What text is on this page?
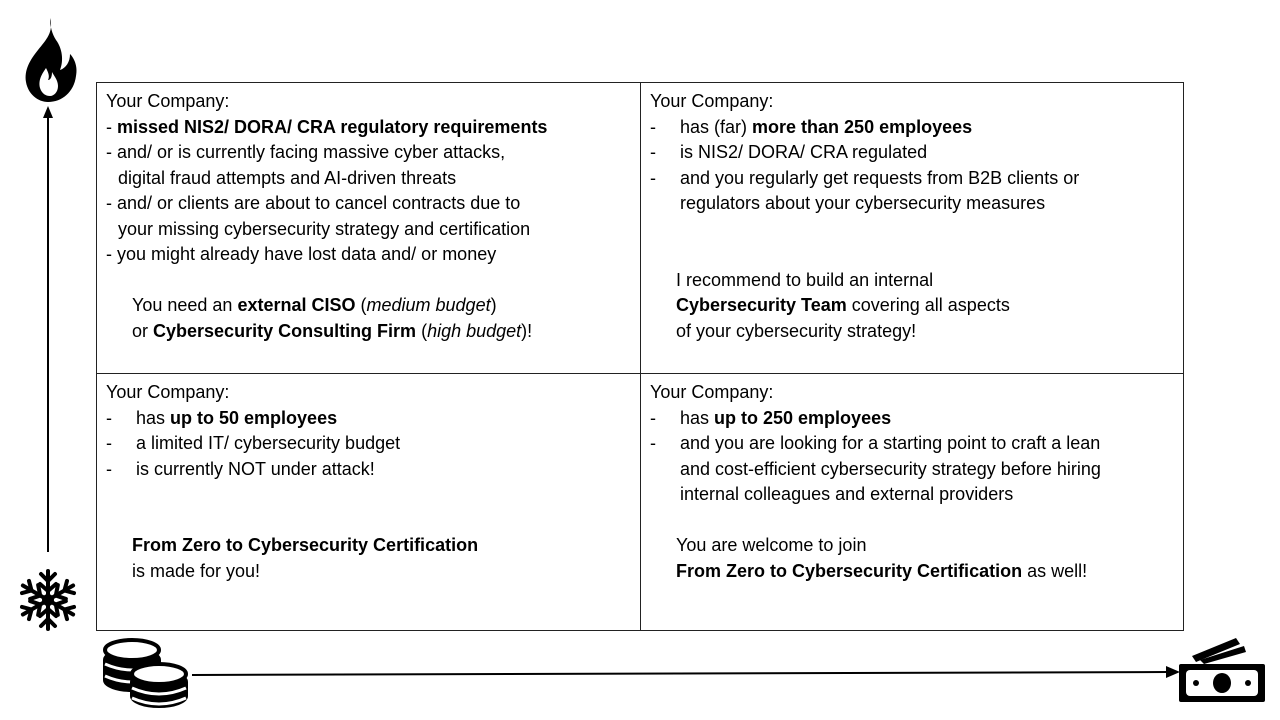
Your Company:
- missed NIS2/ DORA/ CRA regulatory requirements
- and/ or is currently facing massive cyber attacks,
digital fraud attempts and AI-driven threats
- and/ or clients are about to cancel contracts due to
your missing cybersecurity strategy and certification
- you might already have lost data and/ or money
You need an external CISO (medium budget)
or Cybersecurity Consulting Firm (high budget)!
Your Company:
- has (far) more than 250 employees
- is NIS2/ DORA/ CRA regulated
- and you regularly get requests from B2B clients or
regulators about your cybersecurity measures
I recommend to build an internal
Cybersecurity Team covering all aspects
of your cybersecurity strategy!
Your Company:
- has up to 50 employees
- a limited IT/ cybersecurity budget
- is currently NOT under attack!
From Zero to Cybersecurity Certification
is made for you!
Your Company:
- has up to 250 employees
- and you are looking for a starting point to craft a lean
and cost-efficient cybersecurity strategy before hiring
internal colleagues and external providers
You are welcome to join
From Zero to Cybersecurity Certification as well!
